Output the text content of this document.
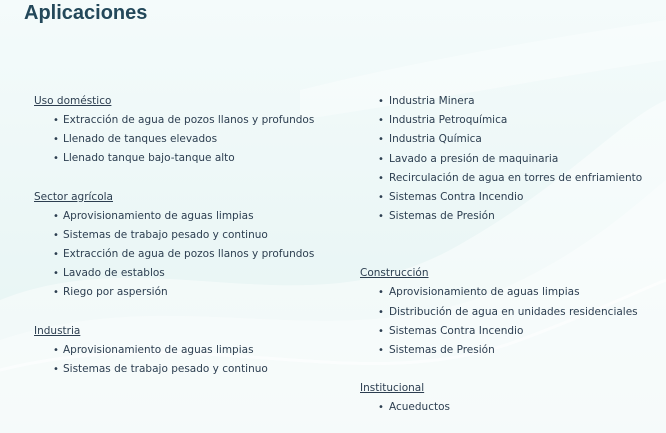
Aplicaciones
Uso doméstico
• Extracción de agua de pozos llanos y profundos
• Llenado de tanques elevados
• Llenado tanque bajo-tanque alto
Sector agrícola
• Aprovisionamiento de aguas limpias
• Sistemas de trabajo pesado y continuo
• Extracción de agua de pozos llanos y profundos
• Lavado de establos
• Riego por aspersión
Industria
• Aprovisionamiento de aguas limpias
• Sistemas de trabajo pesado y continuo
• Industria Minera
• Industria Petroquímica
• Industria Química
• Lavado a presión de maquinaria
• Recirculación de agua en torres de enfriamiento
• Sistemas Contra Incendio
• Sistemas de Presión
Construcción
• Aprovisionamiento de aguas limpias
• Distribución de agua en unidades residenciales
• Sistemas Contra Incendio
• Sistemas de Presión
Institucional
• Acueductos
